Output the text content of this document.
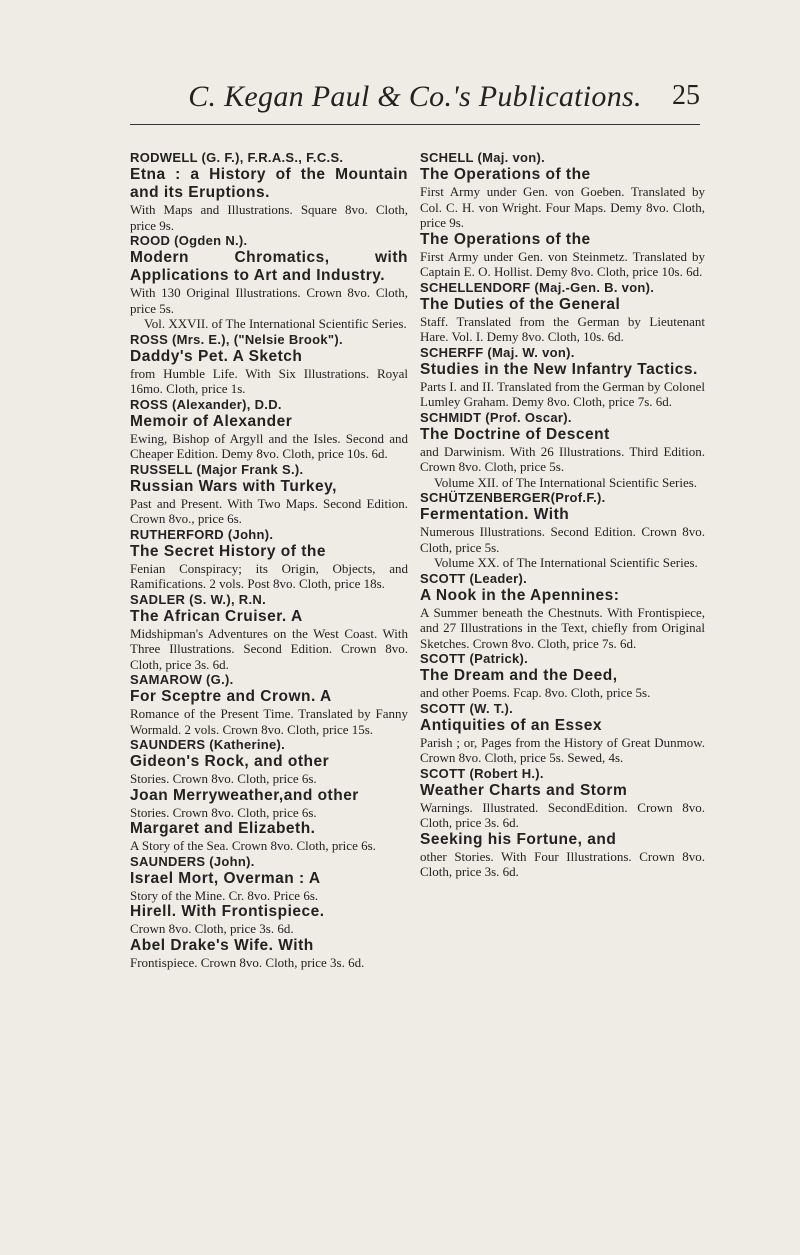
C. Kegan Paul & Co.'s Publications.	25
RODWELL (G. F.), F.R.A.S., F.C.S.
Etna : a History of the Mountain and its Eruptions.
With Maps and Illustrations. Square 8vo. Cloth, price 9s.
ROOD (Ogden N.).
Modern Chromatics, with Applications to Art and Industry.
With 130 Original Illustrations. Crown 8vo. Cloth, price 5s.
Vol. XXVII. of The International Scientific Series.
ROSS (Mrs. E.), ("Nelsie Brook").
Daddy's Pet. A Sketch
from Humble Life. With Six Illustrations. Royal 16mo. Cloth, price 1s.
ROSS (Alexander), D.D.
Memoir of Alexander
Ewing, Bishop of Argyll and the Isles. Second and Cheaper Edition. Demy 8vo. Cloth, price 10s. 6d.
RUSSELL (Major Frank S.).
Russian Wars with Turkey,
Past and Present. With Two Maps. Second Edition. Crown 8vo., price 6s.
RUTHERFORD (John).
The Secret History of the
Fenian Conspiracy; its Origin, Objects, and Ramifications. 2 vols. Post 8vo. Cloth, price 18s.
SADLER (S. W.), R.N.
The African Cruiser. A
Midshipman's Adventures on the West Coast. With Three Illustrations. Second Edition. Crown 8vo. Cloth, price 3s. 6d.
SAMAROW (G.).
For Sceptre and Crown. A
Romance of the Present Time. Translated by Fanny Wormald. 2 vols. Crown 8vo. Cloth, price 15s.
SAUNDERS (Katherine).
Gideon's Rock, and other
Stories. Crown 8vo. Cloth, price 6s.
Joan Merryweather,and other
Stories. Crown 8vo. Cloth, price 6s.
Margaret and Elizabeth.
A Story of the Sea. Crown 8vo. Cloth, price 6s.
SAUNDERS (John).
Israel Mort, Overman : A
Story of the Mine. Cr. 8vo. Price 6s.
Hirell. With Frontispiece.
Crown 8vo. Cloth, price 3s. 6d.
Abel Drake's Wife. With
Frontispiece. Crown 8vo. Cloth, price 3s. 6d.
SCHELL (Maj. von).
The Operations of the
First Army under Gen. von Goeben. Translated by Col. C. H. von Wright. Four Maps. Demy 8vo. Cloth, price 9s.
The Operations of the
First Army under Gen. von Steinmetz. Translated by Captain E. O. Hollist. Demy 8vo. Cloth, price 10s. 6d.
SCHELLENDORF (Maj.-Gen. B. von).
The Duties of the General
Staff. Translated from the German by Lieutenant Hare. Vol. I. Demy 8vo. Cloth, 10s. 6d.
SCHERFF (Maj. W. von).
Studies in the New Infantry Tactics.
Parts I. and II. Translated from the German by Colonel Lumley Graham. Demy 8vo. Cloth, price 7s. 6d.
SCHMIDT (Prof. Oscar).
The Doctrine of Descent
and Darwinism. With 26 Illustrations. Third Edition. Crown 8vo. Cloth, price 5s.
Volume XII. of The International Scientific Series.
SCHÜTZENBERGER(Prof.F.).
Fermentation. With
Numerous Illustrations. Second Edition. Crown 8vo. Cloth, price 5s.
Volume XX. of The International Scientific Series.
SCOTT (Leader).
A Nook in the Apennines:
A Summer beneath the Chestnuts. With Frontispiece, and 27 Illustrations in the Text, chiefly from Original Sketches. Crown 8vo. Cloth, price 7s. 6d.
SCOTT (Patrick).
The Dream and the Deed,
and other Poems. Fcap. 8vo. Cloth, price 5s.
SCOTT (W. T.).
Antiquities of an Essex
Parish ; or, Pages from the History of Great Dunmow. Crown 8vo. Cloth, price 5s. Sewed, 4s.
SCOTT (Robert H.).
Weather Charts and Storm
Warnings. Illustrated. SecondEdition. Crown 8vo. Cloth, price 3s. 6d.
Seeking his Fortune, and
other Stories. With Four Illustrations. Crown 8vo. Cloth, price 3s. 6d.
